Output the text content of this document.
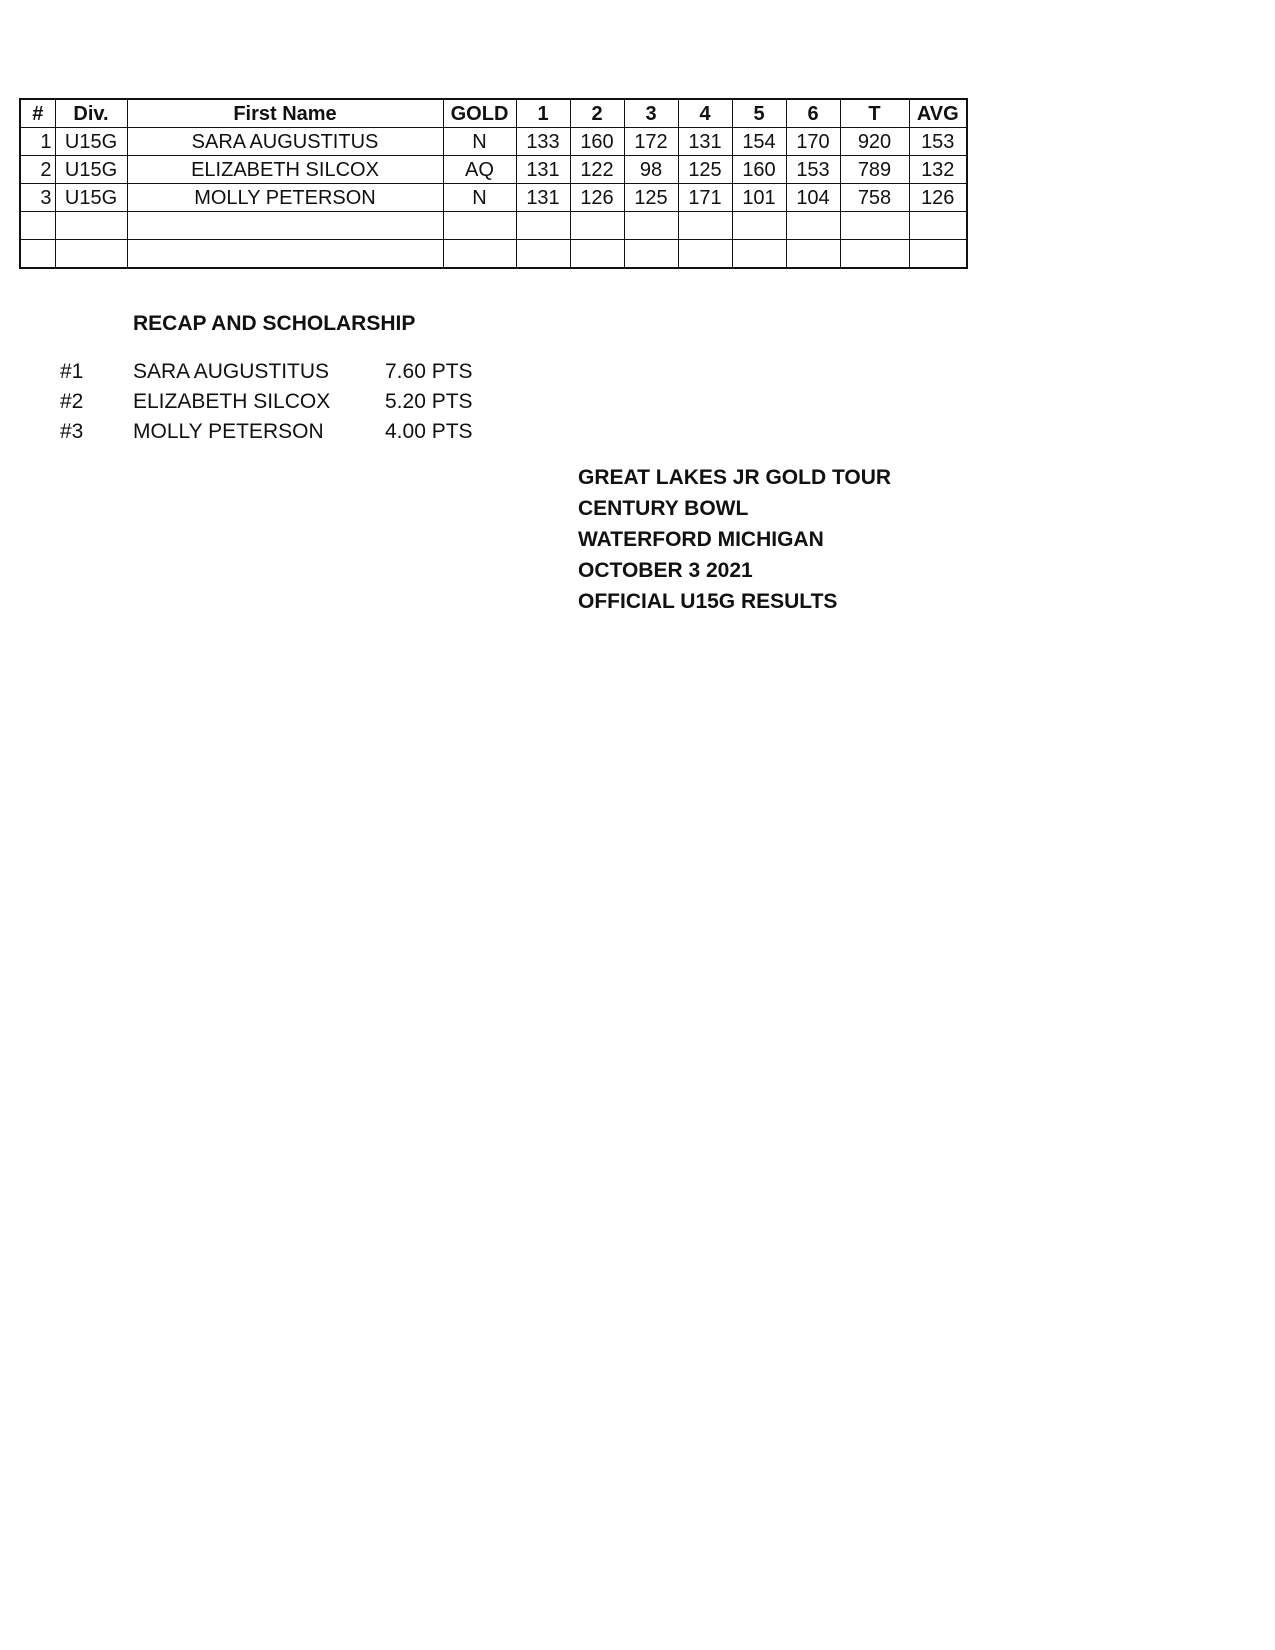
#	Div.	First Name	GOLD	1	2	3	4	5	6	T	AVG
1	U15G	SARA AUGUSTITUS	N	133	160	172	131	154	170	920	153
2	U15G	ELIZABETH SILCOX	AQ	131	122	98	125	160	153	789	132
3	U15G	MOLLY PETERSON	N	131	126	125	171	101	104	758	126

RECAP AND SCHOLARSHIP
#1 SARA AUGUSTITUS	7.60 PTS
#2 ELIZABETH SILCOX	5.20 PTS
#3 MOLLY PETERSON	4.00 PTS
GREAT LAKES JR GOLD TOUR
CENTURY BOWL
WATERFORD MICHIGAN
OCTOBER 3 2021
OFFICIAL U15G RESULTS
